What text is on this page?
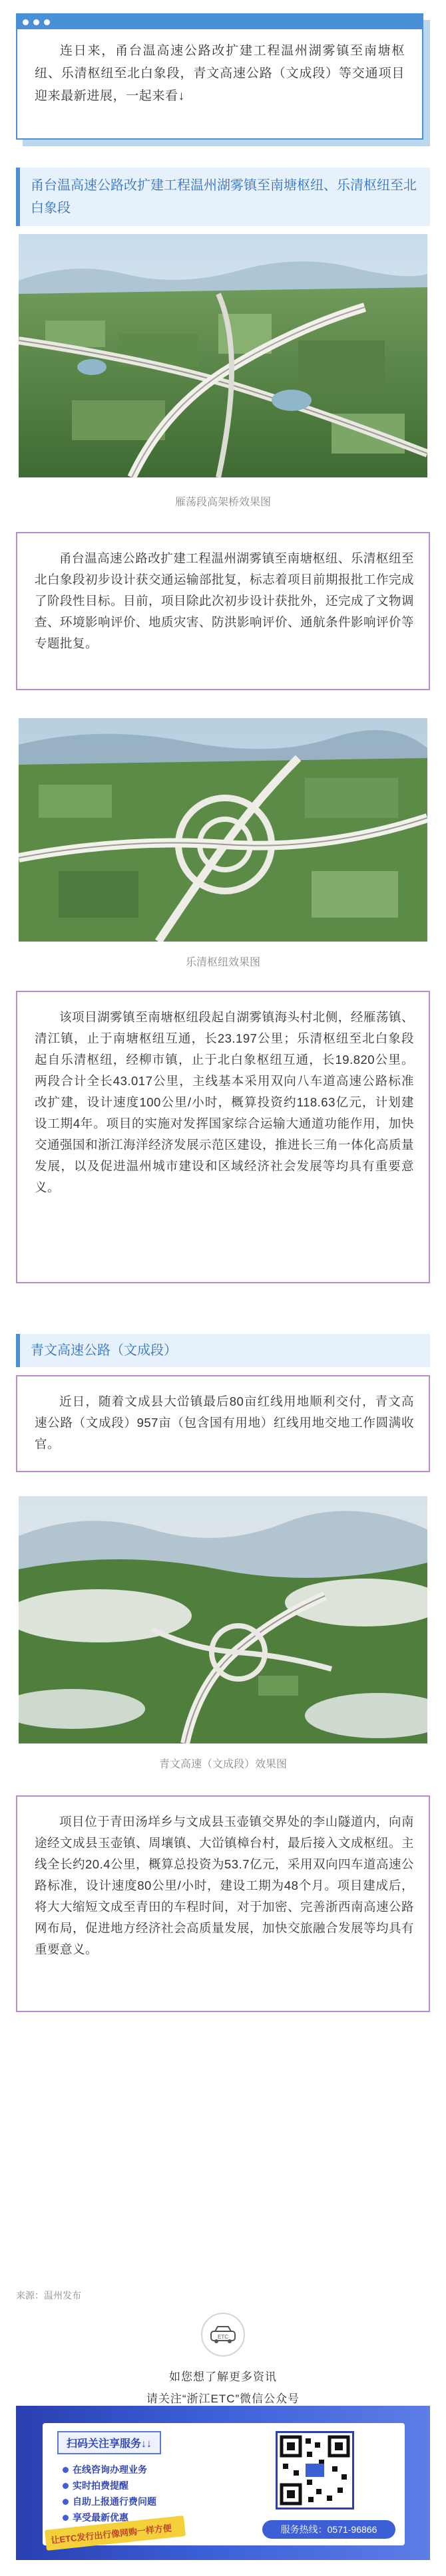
连日来，甬台温高速公路改扩建工程温州湖雾镇至南塘枢纽、乐清枢纽至北白象段，青文高速公路（文成段）等交通项目迎来最新进展，一起来看↓

甬台温高速公路改扩建工程温州湖雾镇至南塘枢纽、乐清枢纽至北白象段
雁荡段高架桥效果图

甬台温高速公路改扩建工程温州湖雾镇至南塘枢纽、乐清枢纽至北白象段初步设计获交通运输部批复，标志着项目前期报批工作完成了阶段性目标。目前，项目除此次初步设计获批外，还完成了文物调查、环境影响评价、地质灾害、防洪影响评价、通航条件影响评价等专题批复。

乐清枢纽效果图

该项目湖雾镇至南塘枢纽段起自湖雾镇海头村北侧，经雁荡镇、清江镇，止于南塘枢纽互通，长23.197公里；乐清枢纽至北白象段起自乐清枢纽，经柳市镇，止于北白象枢纽互通，长19.820公里。两段合计全长43.017公里，主线基本采用双向八车道高速公路标准改扩建，设计速度100公里/小时，概算投资约118.63亿元，计划建设工期4年。项目的实施对发挥国家综合运输大通道功能作用，加快交通强国和浙江海洋经济发展示范区建设，推进长三角一体化高质量发展，以及促进温州城市建设和区域经济社会发展等均具有重要意义。

青文高速公路（文成段）

近日，随着文成县大峃镇最后80亩红线用地顺利交付，青文高速公路（文成段）957亩（包含国有用地）红线用地交地工作圆满收官。

青文高速（文成段）效果图

项目位于青田汤垟乡与文成县玉壶镇交界处的李山隧道内，向南途经文成县玉壶镇、周壤镇、大峃镇樟台村，最后接入文成枢纽。主线全长约20.4公里，概算总投资为53.7亿元，采用双向四车道高速公路标准，设计速度80公里/小时，建设工期为48个月。项目建成后，将大大缩短文成至青田的车程时间，对于加密、完善浙西南高速公路网布局，促进地方经济社会高质量发展，加快交旅融合发展等均具有重要意义。

来源：温州发布
ETC
如您想了解更多资讯
请关注“浙江ETC”微信公众号
扫码关注享服务↓↓
在线咨询办理业务
实时拍费提醒
自助上报通行费问题
享受最新优惠
让ETC发行出行像网购一样方便	服务热线：0571-96866
